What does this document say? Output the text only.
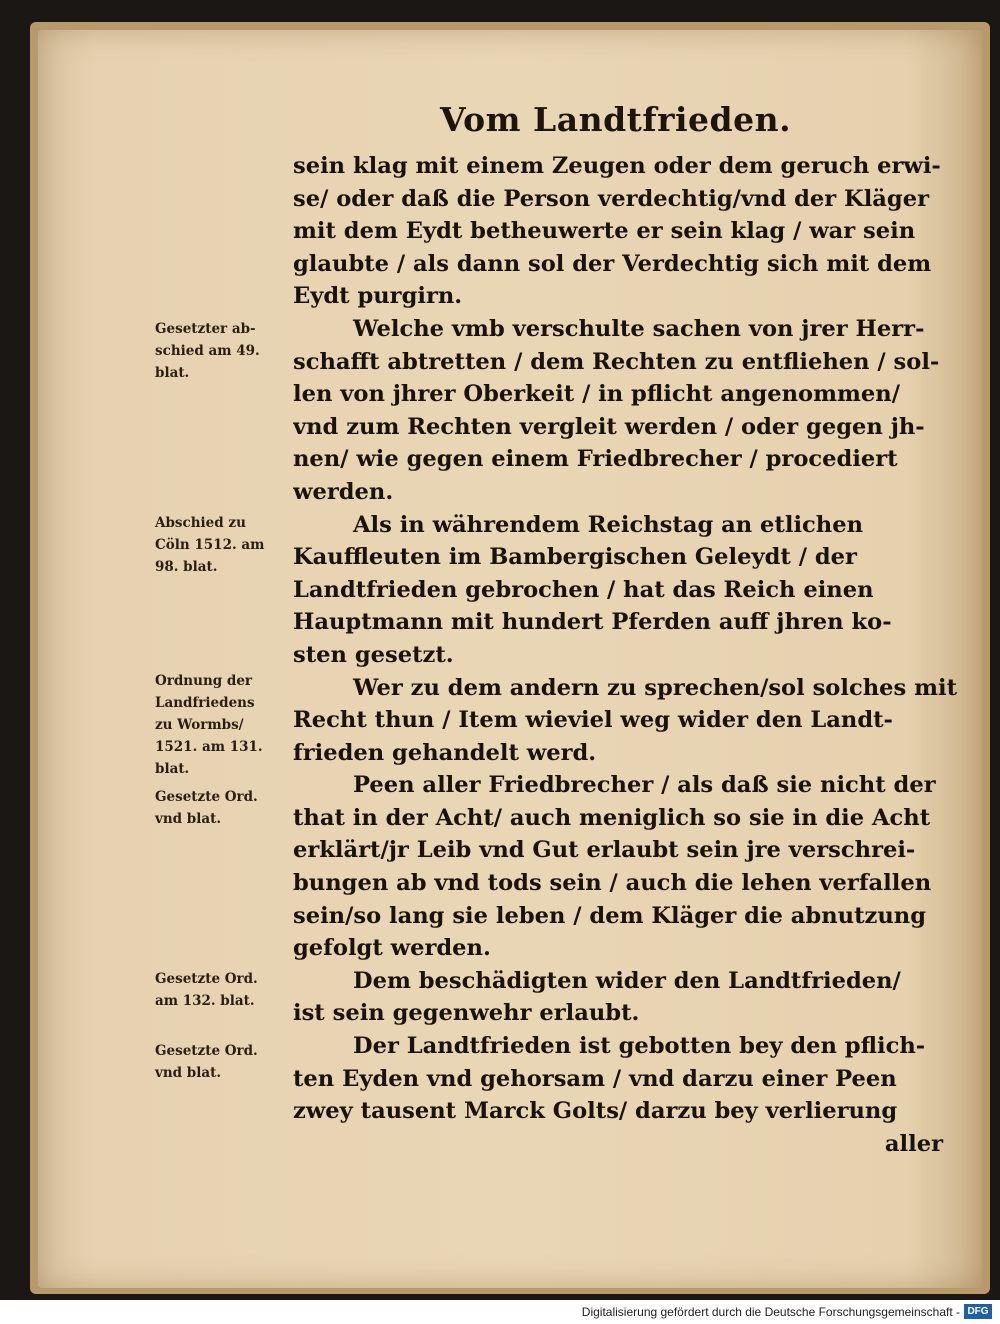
Vom Landtfrieden.
sein klag mit einem Zeugen oder dem geruch erwi-
se/ oder daß die Person verdechtig/vnd der Kläger
mit dem Eydt betheuwerte er sein klag / war sein
glaubte / als dann sol der Verdechtig sich mit dem
Eydt purgirn.
Welche vmb verschulte sachen von jrer Herr-
schafft abtretten / dem Rechten zu entfliehen / sol-
len von jhrer Oberkeit / in pflicht angenommen/
vnd zum Rechten vergleit werden / oder gegen jh-
nen/ wie gegen einem Friedbrecher / procediert
werden.
Als in währendem Reichstag an etlichen
Kauffleuten im Bambergischen Geleydt / der
Landtfrieden gebrochen / hat das Reich einen
Hauptmann mit hundert Pferden auff jhren ko-
sten gesetzt.
Wer zu dem andern zu sprechen/sol solches mit
Recht thun / Item wieviel weg wider den Landt-
frieden gehandelt werd.
Peen aller Friedbrecher / als daß sie nicht der
that in der Acht/ auch meniglich so sie in die Acht
erklärt/jr Leib vnd Gut erlaubt sein jre verschrei-
bungen ab vnd tods sein / auch die lehen verfallen
sein/so lang sie leben / dem Kläger die abnutzung
gefolgt werden.
Dem beschädigten wider den Landtfrieden/
ist sein gegenwehr erlaubt.
Der Landtfrieden ist gebotten bey den pflich-
ten Eyden vnd gehorsam / vnd darzu einer Peen
zwey tausent Marck Golts/ darzu bey verlierung
aller
Gesetzter ab-
schied am 49.
blat.
Abschied zu
Cöln 1512. am
98. blat.
Ordnung der
Landfriedens
zu Wormbs/
1521. am 131.
blat.
Gesetzte Ord.
vnd blat.
Gesetzte Ord.
am 132. blat.
Gesetzte Ord.
vnd blat.
Digitalisierung gefördert durch die Deutsche Forschungsgemeinschaft - DFG
